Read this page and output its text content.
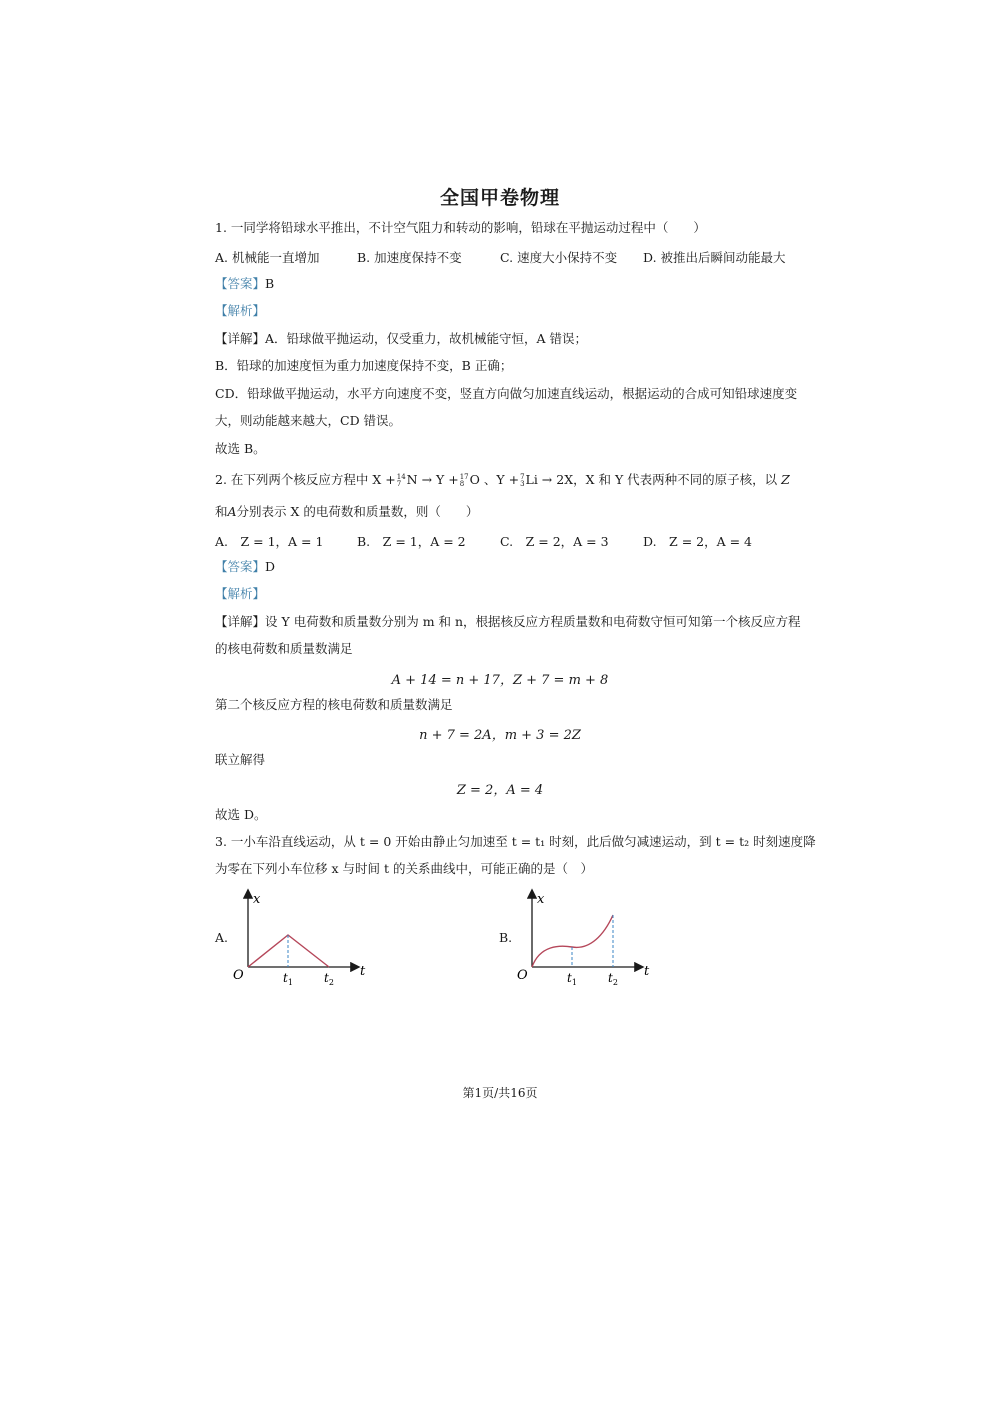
全国甲卷物理
1. 一同学将铅球水平推出，不计空气阻力和转动的影响，铅球在平抛运动过程中（　　）
A. 机械能一直增加	B. 加速度保持不变	C. 速度大小保持不变 D. 被推出后瞬间动能最大
【答案】B
【解析】
【详解】A．铅球做平抛运动，仅受重力，故机械能守恒，A 错误；
B．铅球的加速度恒为重力加速度保持不变，B 正确；
CD．铅球做平抛运动，水平方向速度不变，竖直方向做匀加速直线运动，根据运动的合成可知铅球速度变
大，则动能越来越大，CD 错误。
故选 B。
2. 在下列两个核反应方程中 X + 14
7 N → Y + 17
8 O 、Y + 7
3 Li → 2X，X 和 Y 代表两种不同的原子核，以 Z
和A分别表示 X 的电荷数和质量数，则（　　）
A.　Z = 1，A = 1	B.　Z = 1，A = 2	C.　Z = 2，A = 3	D.　Z = 2，A = 4
【答案】D
【解析】
【详解】设 Y 电荷数和质量数分别为 m 和 n，根据核反应方程质量数和电荷数守恒可知第一个核反应方程
的核电荷数和质量数满足
A + 14 = n + 17，Z + 7 = m + 8
第二个核反应方程的核电荷数和质量数满足
n + 7 = 2A，m + 3 = 2Z
联立解得
Z = 2，A = 4
故选 D。
3. 一小车沿直线运动，从 t = 0 开始由静止匀加速至 t = t₁ 时刻，此后做匀减速运动，到 t = t₂ 时刻速度降
为零在下列小车位移 x 与时间 t 的关系曲线中，可能正确的是（　）
A.
x
t
O	$t_1$	$t_2$
B.
x
t
O	$t_1$	$t_2$
第1页/共16页
